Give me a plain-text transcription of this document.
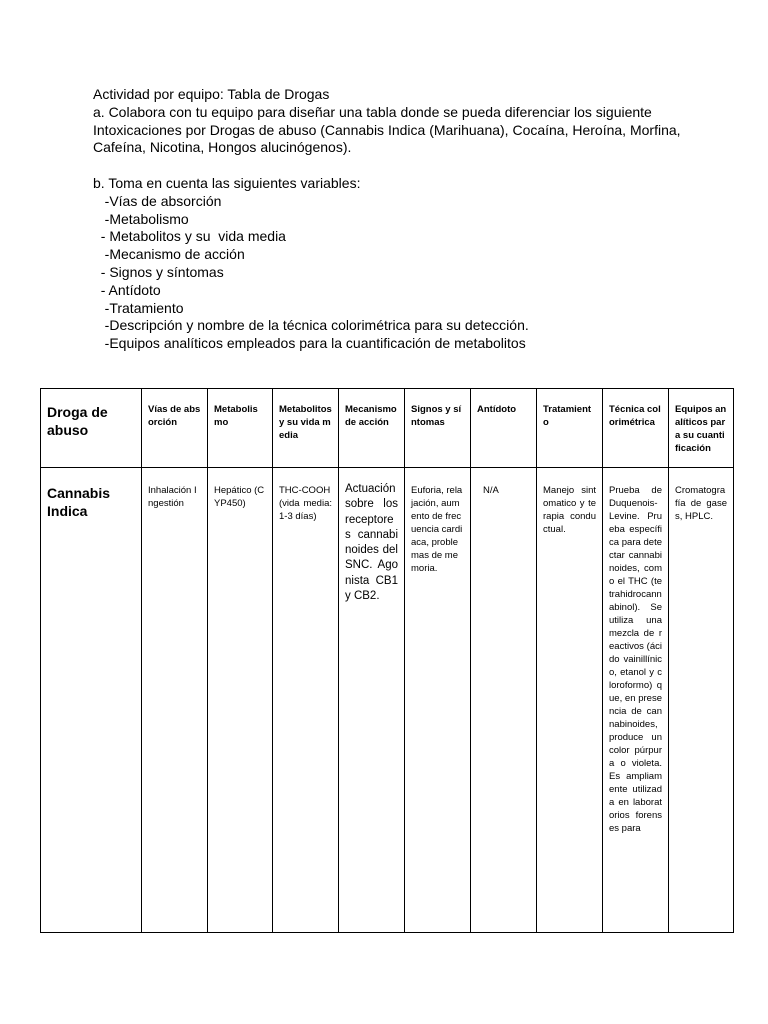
Actividad por equipo: Tabla de Drogas

a. Colabora con tu equipo para diseñar una tabla donde se pueda diferenciar los siguiente Intoxicaciones por Drogas de abuso (Cannabis Indica (Marihuana), Cocaína, Heroína, Morfina, Cafeína, Nicotina, Hongos alucinógenos).

b. Toma en cuenta las siguientes variables:

-Vías de absorción

-Metabolismo

- Metabolitos y su  vida media

-Mecanismo de acción

- Signos y síntomas

- Antídoto

-Tratamiento

-Descripción y nombre de la técnica colorimétrica para su detección.

-Equipos analíticos empleados para la cuantificación de metabolitos

Droga de abuso	Vías de absorción	Metabolismo	Metabolitos y su vida media	Mecanismo de acción	Signos y síntomas	Antídoto	Tratamiento	Técnica colorimétrica	Equipos analíticos para su cuantificación
Cannabis Indica	Inhalación Ingestión	Hepático (CYP450)	THC-COOH (vida media: 1-3 días)	Actuación sobre los receptores cannabinoides del SNC. Agonista CB1y CB2.	Euforia, relajación, aumento de frecuencia cardiaca, problemas de memoria.	N/A	Manejo sintomatico y terapia conductual.	Prueba de Duquenois-Levine. Prueba específica para detectar cannabinoides, como el THC (tetrahidrocannabinol). Se utiliza una mezcla de reactivos (ácido vainillínico, etanol y cloroformo) que, en presencia de cannabinoides, produce un color púrpura o violeta. Es ampliamente utilizada en laboratorios forenses para	Cromatografía de gases, HPLC.
